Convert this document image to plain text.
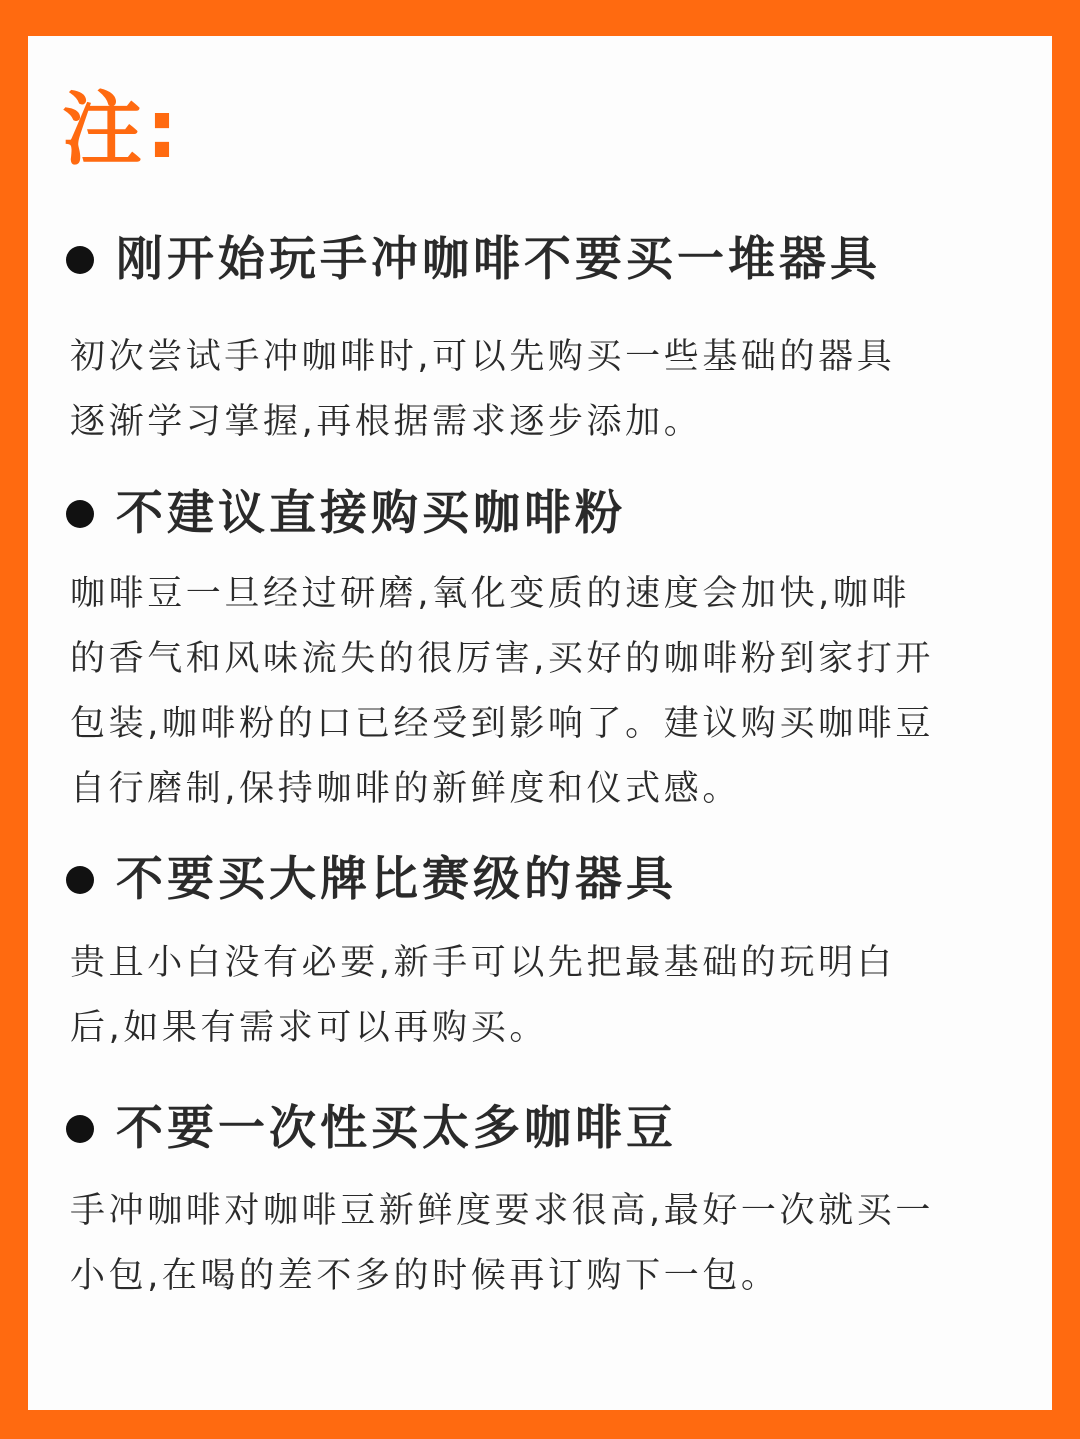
注:
刚开始玩手冲咖啡不要买一堆器具
初次尝试手冲咖啡时,可以先购买一些基础的器具
逐渐学习掌握,再根据需求逐步添加。
不建议直接购买咖啡粉
咖啡豆一旦经过研磨,氧化变质的速度会加快,咖啡
的香气和风味流失的很厉害,买好的咖啡粉到家打开
包装,咖啡粉的口已经受到影响了。建议购买咖啡豆
自行磨制,保持咖啡的新鲜度和仪式感。
不要买大牌比赛级的器具
贵且小白没有必要,新手可以先把最基础的玩明白
后,如果有需求可以再购买。
不要一次性买太多咖啡豆
手冲咖啡对咖啡豆新鲜度要求很高,最好一次就买一
小包,在喝的差不多的时候再订购下一包。
